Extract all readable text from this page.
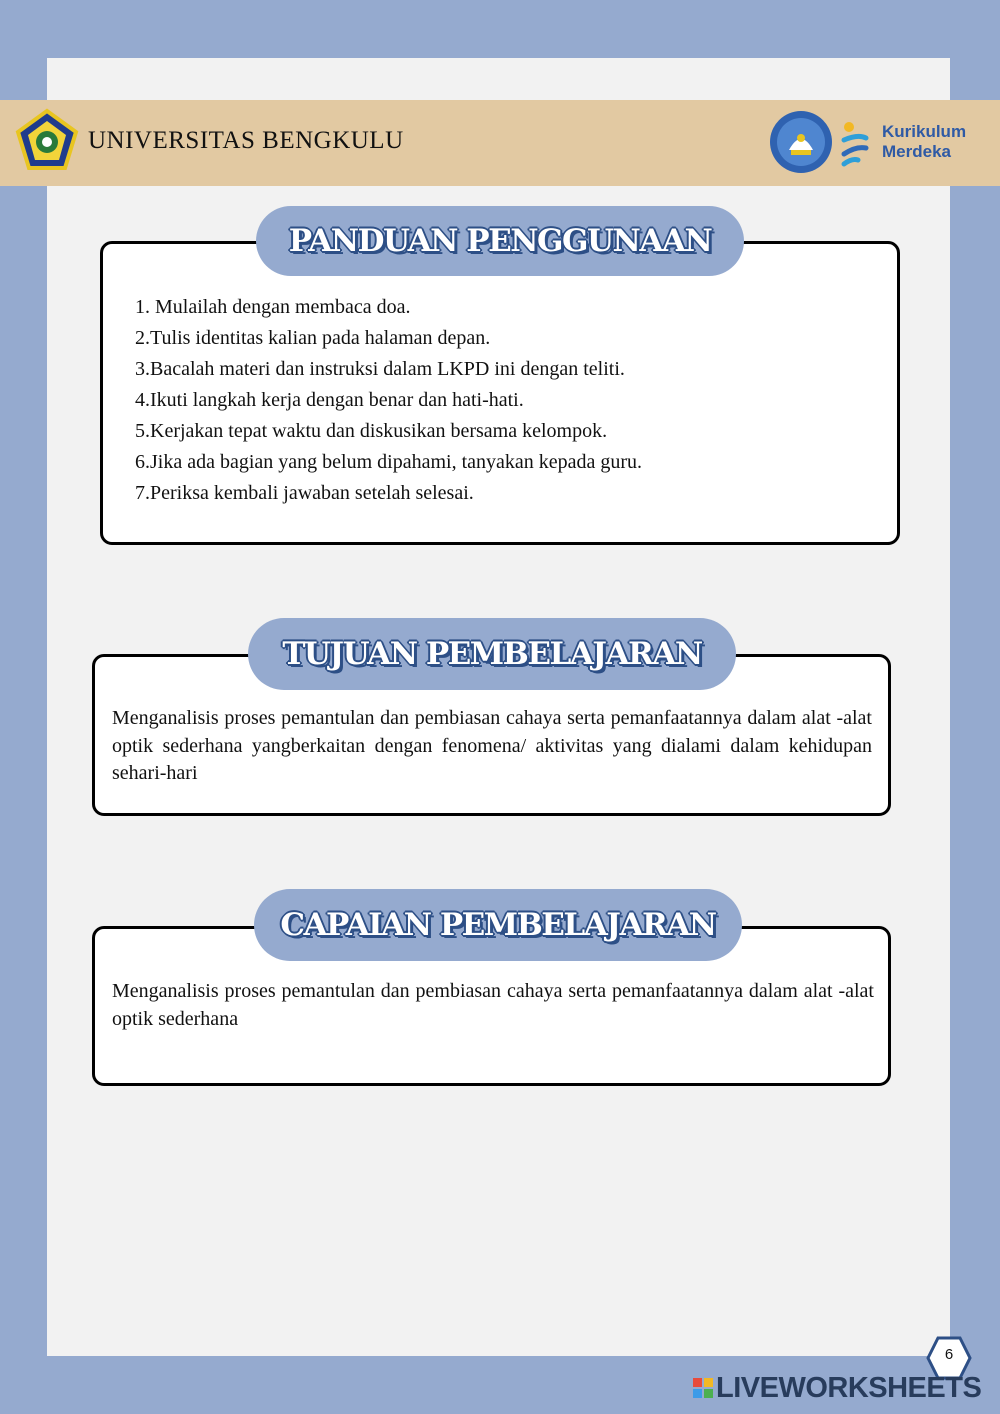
UNIVERSITAS BENGKULU	Kurikulum
Merdeka
PANDUAN PENGGUNAAN
1. Mulailah dengan membaca doa.
2.Tulis identitas kalian pada halaman depan.
3.Bacalah materi dan instruksi dalam LKPD ini dengan teliti.
4.Ikuti langkah kerja dengan benar dan hati-hati.
5.Kerjakan tepat waktu dan diskusikan bersama kelompok.
6.Jika ada bagian yang belum dipahami, tanyakan kepada guru.
7.Periksa kembali jawaban setelah selesai.
TUJUAN PEMBELAJARAN
Menganalisis proses pemantulan dan pembiasan cahaya serta pemanfaatannya dalam alat -alat optik sederhana yangberkaitan dengan fenomena/ aktivitas yang dialami dalam kehidupan sehari-hari
CAPAIAN PEMBELAJARAN
Menganalisis proses pemantulan dan pembiasan cahaya serta pemanfaatannya dalam alat -alat optik sederhana
6
LIVEWORKSHEETS
